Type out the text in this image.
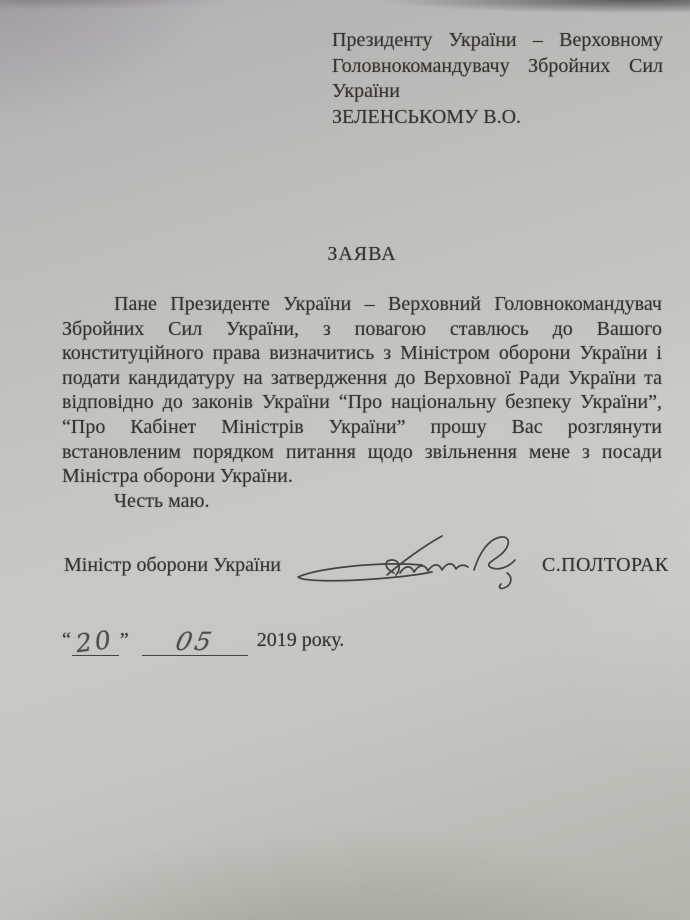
Президенту України – Верховному
Головнокомандувачу Збройних Сил
України
ЗЕЛЕНСЬКОМУ В.О.
ЗАЯВА
Пане Президенте України – Верховний Головнокомандувач
Збройних Сил України, з повагою ставлюсь до Вашого
конституційного права визначитись з Міністром оборони України і
подати кандидатуру на затвердження до Верховної Ради України та
відповідно до законів України “Про національну безпеку України”,
“Про Кабінет Міністрів України” прошу Вас розглянути
встановленим порядком питання щодо звільнення мене з посади
Міністра оборони України.
Честь маю.
Міністр оборони України	С.ПОЛТОРАК
“ 20 ” 05 2019 року.
